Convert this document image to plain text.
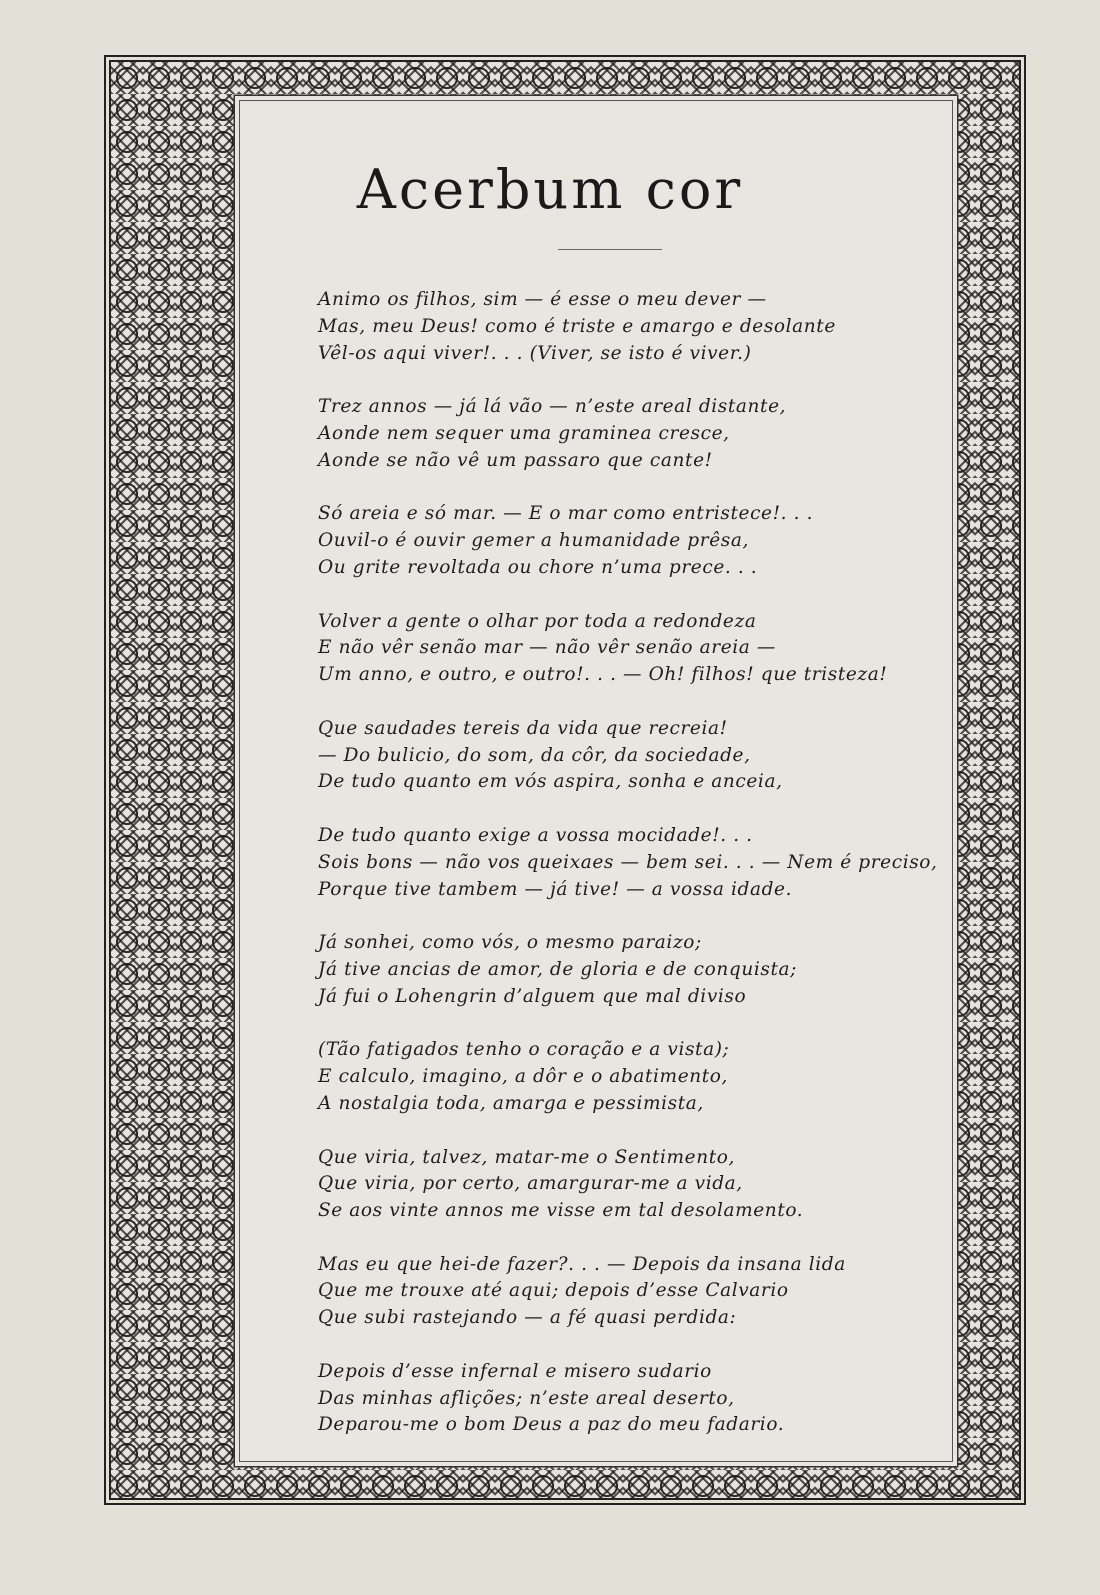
Acerbum cor
Animo os filhos, sim — é esse o meu dever —
Mas, meu Deus! como é triste e amargo e desolante
Vêl-os aqui viver!. . . (Viver, se isto é viver.)
Trez annos — já lá vão — n’este areal distante,
Aonde nem sequer uma graminea cresce,
Aonde se não vê um passaro que cante!
Só areia e só mar. — E o mar como entristece!. . .
Ouvil-o é ouvir gemer a humanidade prêsa,
Ou grite revoltada ou chore n’uma prece. . .
Volver a gente o olhar por toda a redondeza
E não vêr senão mar — não vêr senão areia —
Um anno, e outro, e outro!. . . — Oh! filhos! que tristeza!
Que saudades tereis da vida que recreia!
— Do bulicio, do som, da côr, da sociedade,
De tudo quanto em vós aspira, sonha e anceia,
De tudo quanto exige a vossa mocidade!. . .
Sois bons — não vos queixaes — bem sei. . . — Nem é preciso,
Porque tive tambem — já tive! — a vossa idade.
Já sonhei, como vós, o mesmo paraizo;
Já tive ancias de amor, de gloria e de conquista;
Já fui o Lohengrin d’alguem que mal diviso
(Tão fatigados tenho o coração e a vista);
E calculo, imagino, a dôr e o abatimento,
A nostalgia toda, amarga e pessimista,
Que viria, talvez, matar-me o Sentimento,
Que viria, por certo, amargurar-me a vida,
Se aos vinte annos me visse em tal desolamento.
Mas eu que hei-de fazer?. . . — Depois da insana lida
Que me trouxe até aqui; depois d’esse Calvario
Que subi rastejando — a fé quasi perdida:
Depois d’esse infernal e misero sudario
Das minhas aflições; n’este areal deserto,
Deparou-me o bom Deus a paz do meu fadario.
